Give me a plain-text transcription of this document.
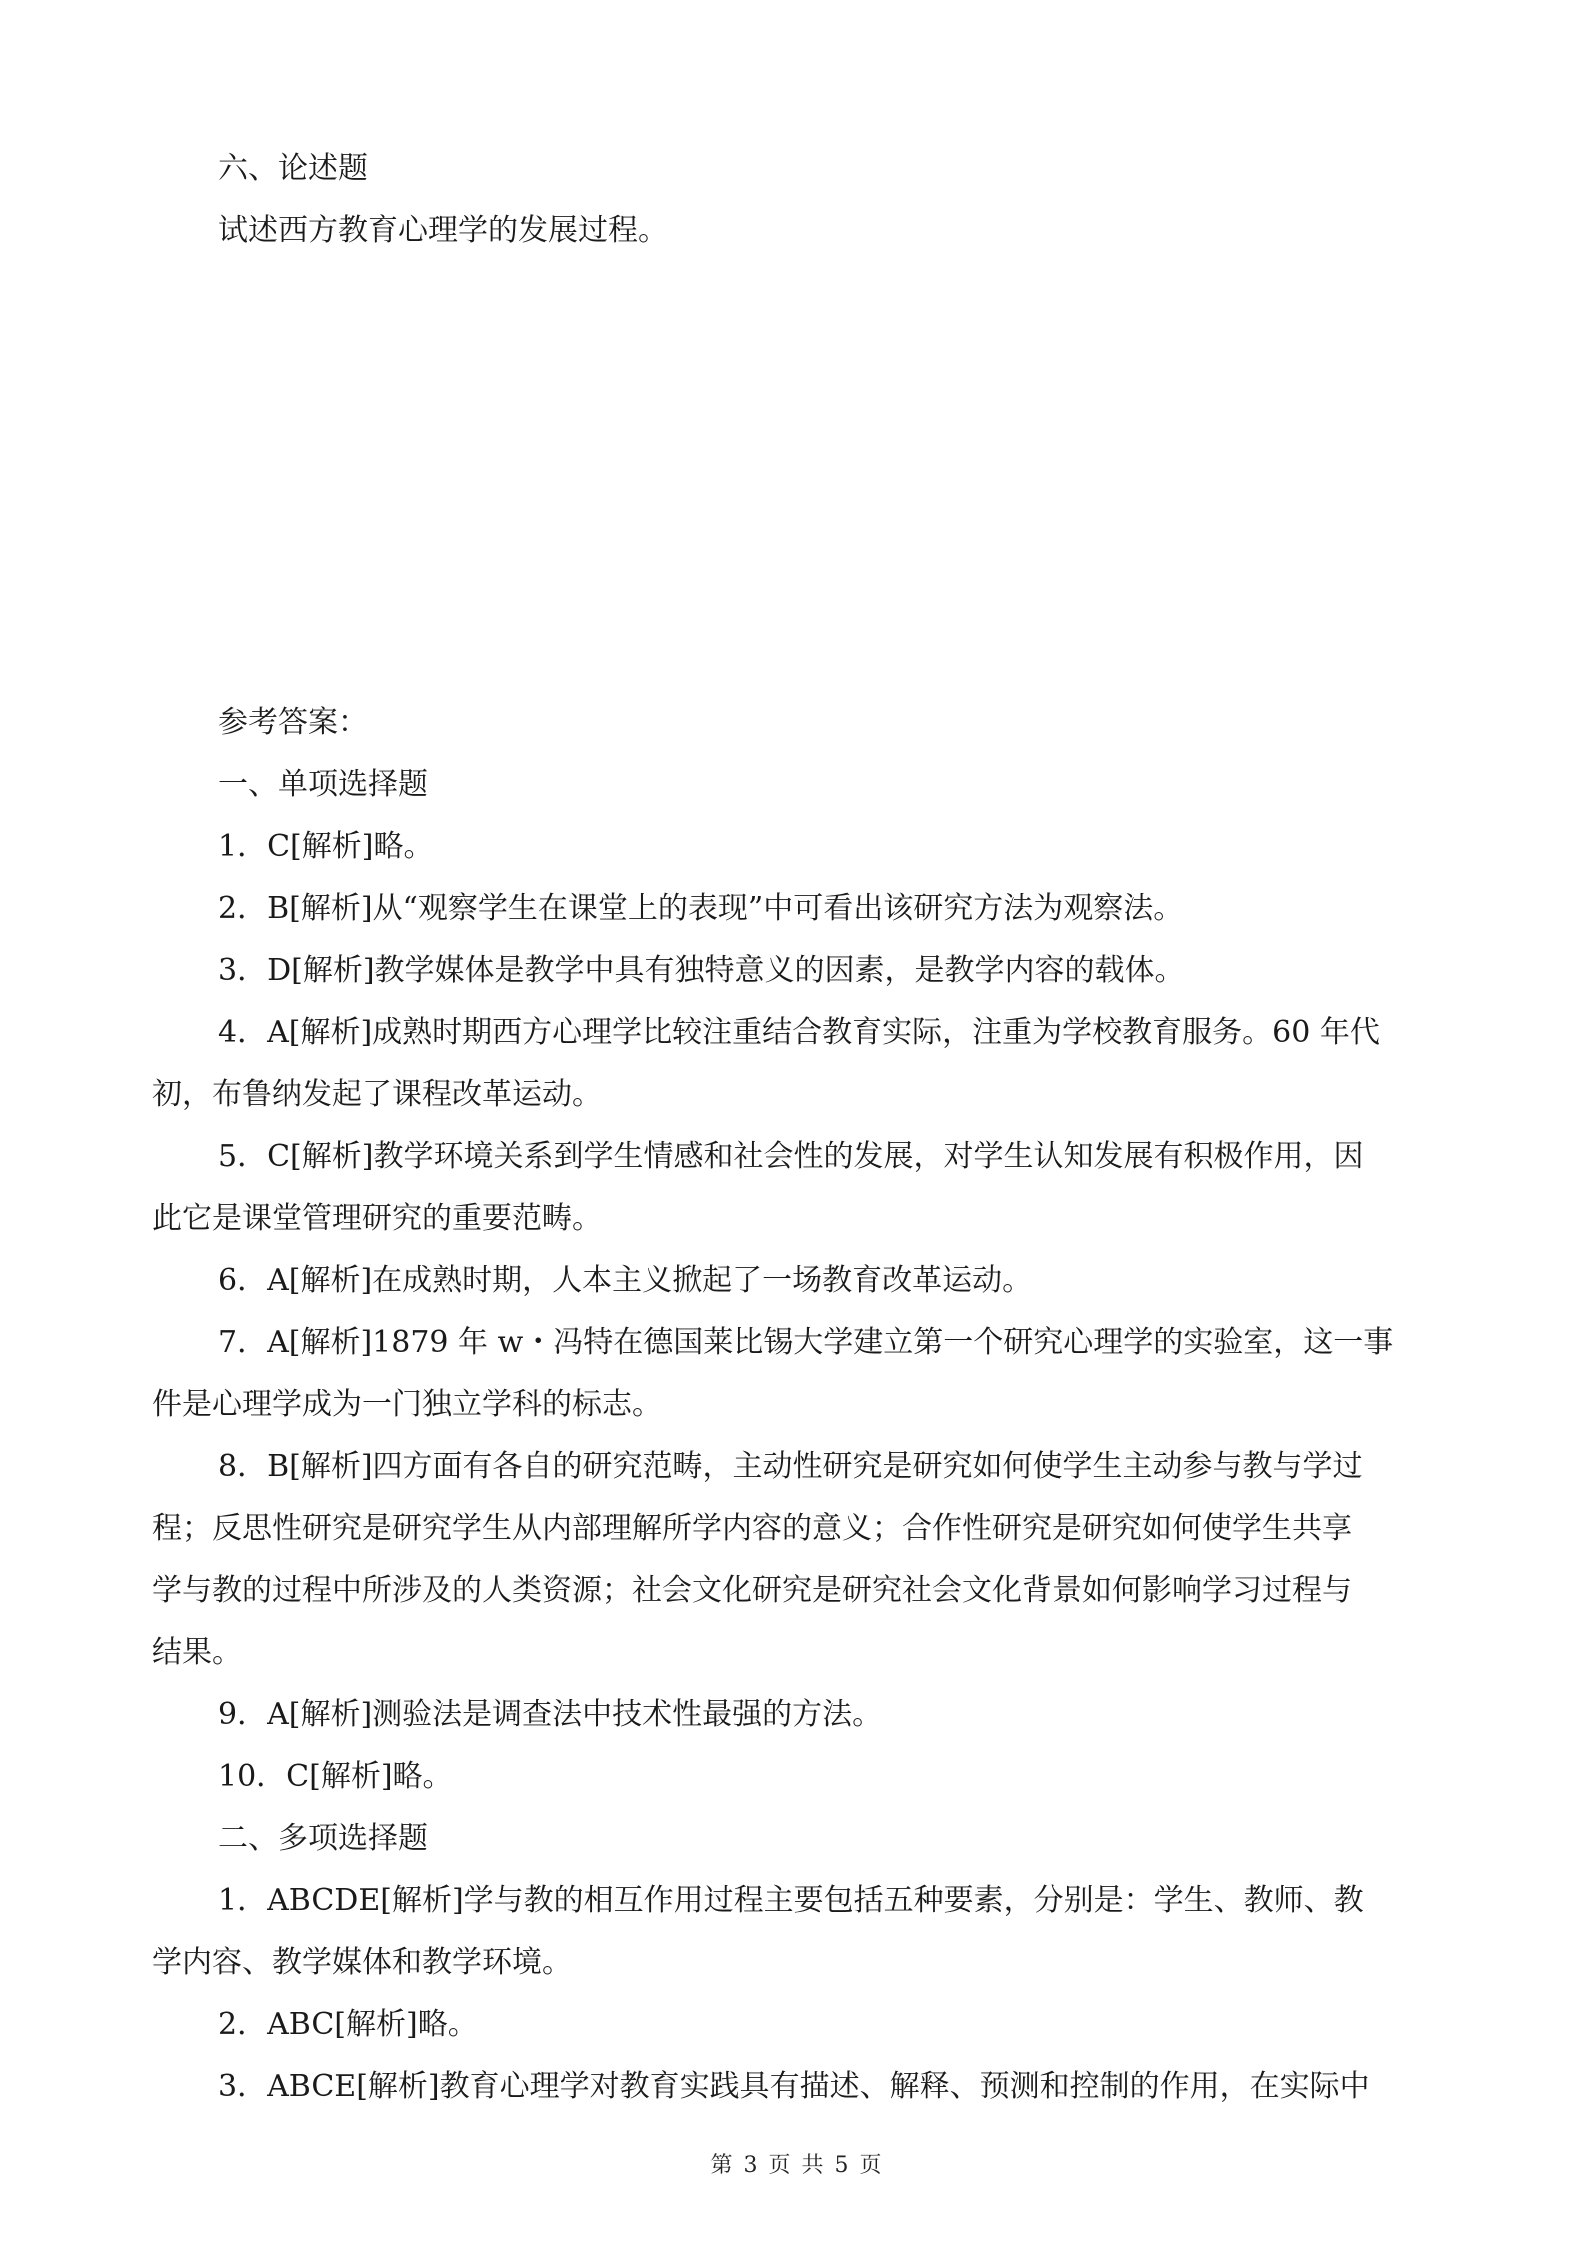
六、论述题

试述西方教育心理学的发展过程。

参考答案：

一、单项选择题

1．C[解析]略。

2．B[解析]从“观察学生在课堂上的表现”中可看出该研究方法为观察法。

3．D[解析]教学媒体是教学中具有独特意义的因素，是教学内容的载体。

4．A[解析]成熟时期西方心理学比较注重结合教育实际，注重为学校教育服务。60 年代

初，布鲁纳发起了课程改革运动。

5．C[解析]教学环境关系到学生情感和社会性的发展，对学生认知发展有积极作用，因

此它是课堂管理研究的重要范畴。

6．A[解析]在成熟时期，人本主义掀起了一场教育改革运动。

7．A[解析]1879 年 w・冯特在德国莱比锡大学建立第一个研究心理学的实验室，这一事

件是心理学成为一门独立学科的标志。

8．B[解析]四方面有各自的研究范畴，主动性研究是研究如何使学生主动参与教与学过

程；反思性研究是研究学生从内部理解所学内容的意义；合作性研究是研究如何使学生共享

学与教的过程中所涉及的人类资源；社会文化研究是研究社会文化背景如何影响学习过程与

结果。

9．A[解析]测验法是调查法中技术性最强的方法。

10．C[解析]略。

二、多项选择题

1．ABCDE[解析]学与教的相互作用过程主要包括五种要素，分别是：学生、教师、教

学内容、教学媒体和教学环境。

2．ABC[解析]略。

3．ABCE[解析]教育心理学对教育实践具有描述、解释、预测和控制的作用，在实际中

第 3 页 共 5 页
